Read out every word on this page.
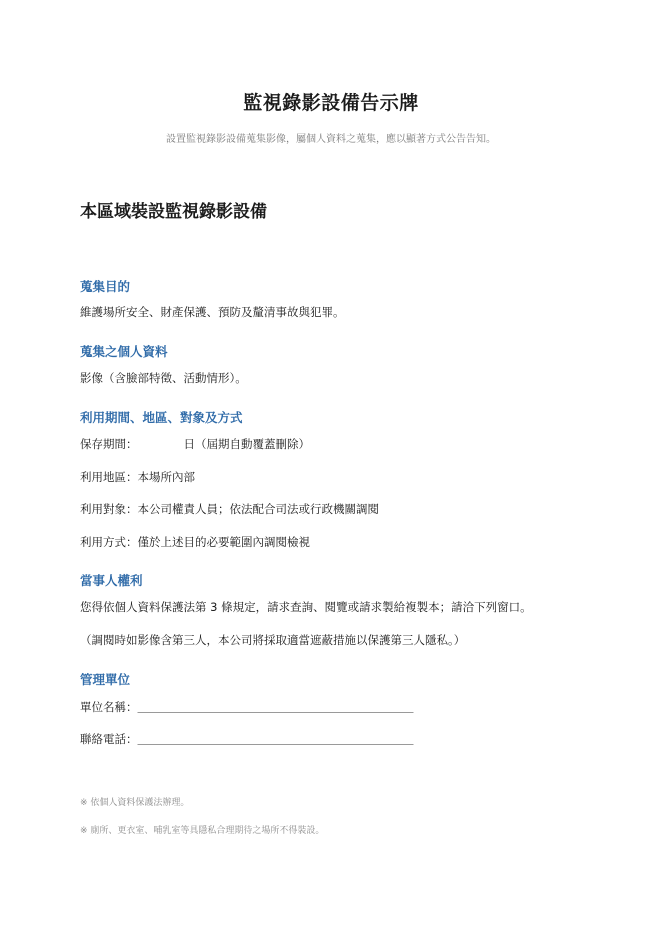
監視錄影設備告示牌
設置監視錄影設備蒐集影像，屬個人資料之蒐集，應以顯著方式公告告知。
本區域裝設監視錄影設備
蒐集目的
維護場所安全、財產保護、預防及釐清事故與犯罪。
蒐集之個人資料
影像（含臉部特徵、活動情形）。
利用期間、地區、對象及方式
保存期間：	日（屆期自動覆蓋刪除）
利用地區：本場所內部
利用對象：本公司權責人員；依法配合司法或行政機關調閱
利用方式：僅於上述目的必要範圍內調閱檢視
當事人權利
您得依個人資料保護法第 3 條規定，請求查詢、閱覽或請求製給複製本；請洽下列窗口。
（調閱時如影像含第三人，本公司將採取適當遮蔽措施以保護第三人隱私。）
管理單位
單位名稱：＿＿＿＿＿＿＿＿＿＿＿＿＿＿＿＿＿＿＿＿＿＿＿＿
聯絡電話：＿＿＿＿＿＿＿＿＿＿＿＿＿＿＿＿＿＿＿＿＿＿＿＿
※ 依個人資料保護法辦理。
※ 廁所、更衣室、哺乳室等具隱私合理期待之場所不得裝設。
